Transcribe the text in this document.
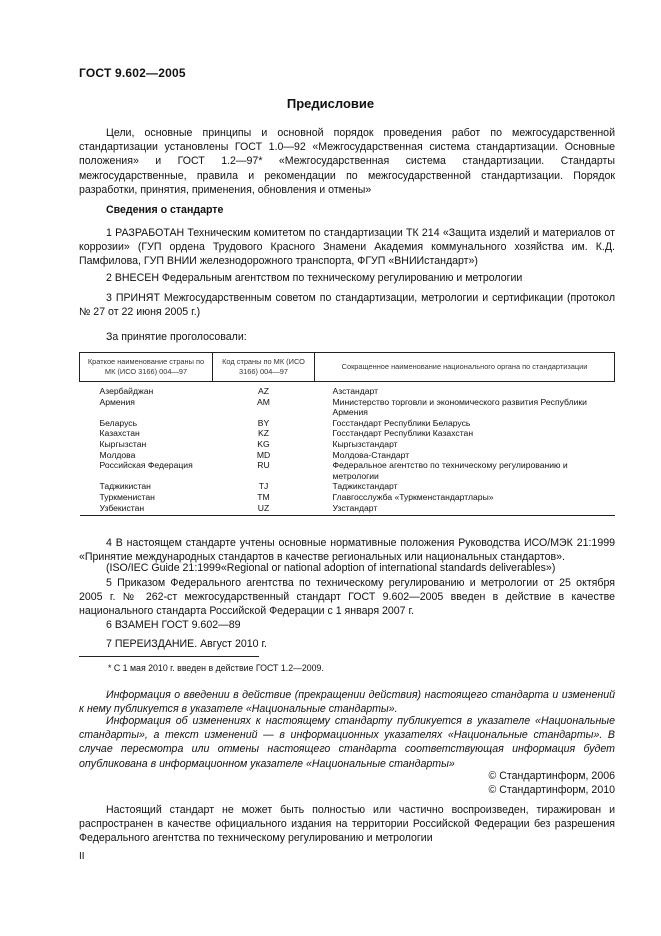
ГОСТ 9.602—2005
Предисловие
Цели, основные принципы и основной порядок проведения работ по межгосударственной стандартизации установлены ГОСТ 1.0—92 «Межгосударственная система стандартизации. Основные положения» и ГОСТ 1.2—97* «Межгосударственная система стандартизации. Стандарты межгосударственные, правила и рекомендации по межгосударственной стандартизации. Порядок разработки, принятия, применения, обновления и отмены»
Сведения о стандарте
1 РАЗРАБОТАН Техническим комитетом по стандартизации ТК 214 «Защита изделий и материалов от коррозии» (ГУП ордена Трудового Красного Знамени Академия коммунального хозяйства им. К.Д. Памфилова, ГУП ВНИИ железнодорожного транспорта, ФГУП «ВНИИстандарт»)
2 ВНЕСЕН Федеральным агентством по техническому регулированию и метрологии
3 ПРИНЯТ Межгосударственным советом по стандартизации, метрологии и сертификации (протокол № 27 от 22 июня 2005 г.)
За принятие проголосовали:
Краткое наименование страны по МК (ИСО 3166) 004—97	Код страны по МК (ИСО 3166) 004—97	Сокращенное наименование национального органа по стандартизации
Азербайджан	AZ	Азстандарт
Армения	AM	Министерство торговли и экономического развития Республики Армения
Беларусь	BY	Госстандарт Республики Беларусь
Казахстан	KZ	Госстандарт Республики Казахстан
Кыргызстан	KG	Кыргызстандарт
Молдова	MD	Молдова-Стандарт
Российская Федерация	RU	Федеральное агентство по техническому регулированию и метрологии
Таджикистан	TJ	Таджикстандарт
Туркменистан	TM	Главгосслужба «Туркменстандартлары»
Узбекистан	UZ	Узстандарт
4 В настоящем стандарте учтены основные нормативные положения Руководства ИСО/МЭК 21:1999 «Принятие международных стандартов в качестве региональных или национальных стандартов».
(ISO/IEC Guide 21:1999«Regional or national adoption of international standards deliverables»)
5 Приказом Федерального агентства по техническому регулированию и метрологии от 25 октября 2005 г. № 262-ст межгосударственный стандарт ГОСТ 9.602—2005 введен в действие в качестве национального стандарта Российской Федерации с 1 января 2007 г.
6 ВЗАМЕН ГОСТ 9.602—89
7 ПЕРЕИЗДАНИЕ. Август 2010 г.
* С 1 мая 2010 г. введен в действие ГОСТ 1.2—2009.
Информация о введении в действие (прекращении действия) настоящего стандарта и изменений к нему публикуется в указателе «Национальные стандарты».
Информация об изменениях к настоящему стандарту публикуется в указателе «Национальные стандарты», а текст изменений — в информационных указателях «Национальные стандарты». В случае пересмотра или отмены настоящего стандарта соответствующая информация будет опубликована в информационном указателе «Национальные стандарты»
© Стандартинформ, 2006
© Стандартинформ, 2010
Настоящий стандарт не может быть полностью или частично воспроизведен, тиражирован и распространен в качестве официального издания на территории Российской Федерации без разрешения Федерального агентства по техническому регулированию и метрологии
II
